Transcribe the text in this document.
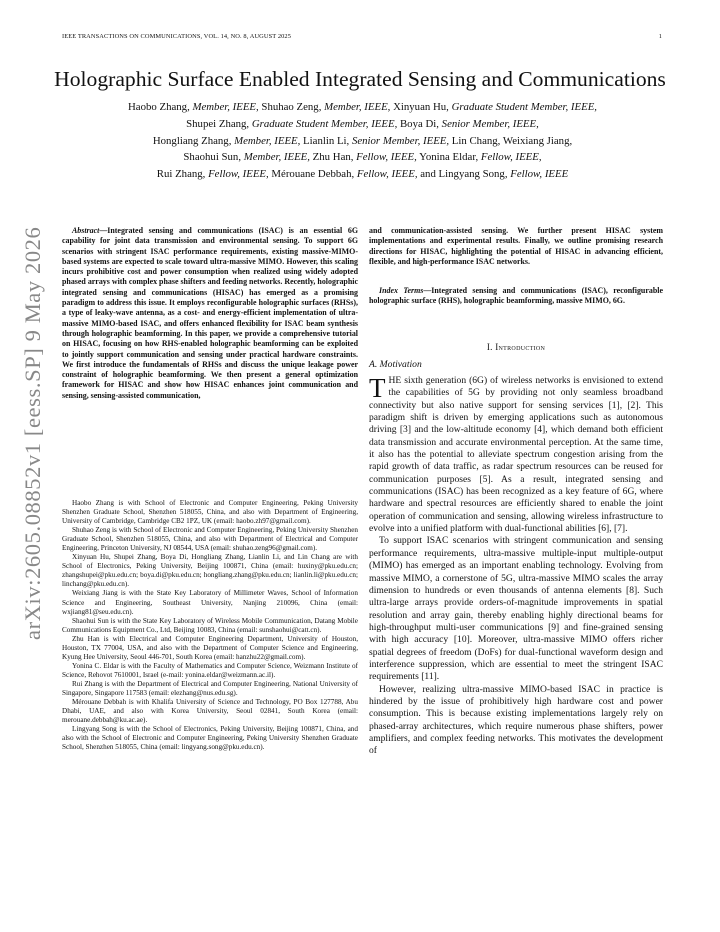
IEEE TRANSACTIONS ON COMMUNICATIONS, VOL. 14, NO. 8, AUGUST 2025	1
arXiv:2605.08852v1 [eess.SP] 9 May 2026
Holographic Surface Enabled Integrated Sensing and Communications
Haobo Zhang, Member, IEEE, Shuhao Zeng, Member, IEEE, Xinyuan Hu, Graduate Student Member, IEEE,
Shupei Zhang, Graduate Student Member, IEEE, Boya Di, Senior Member, IEEE,
Hongliang Zhang, Member, IEEE, Lianlin Li, Senior Member, IEEE, Lin Chang, Weixiang Jiang,
Shaohui Sun, Member, IEEE, Zhu Han, Fellow, IEEE, Yonina Eldar, Fellow, IEEE,
Rui Zhang, Fellow, IEEE, Mérouane Debbah, Fellow, IEEE, and Lingyang Song, Fellow, IEEE
Abstract—Integrated sensing and communications (ISAC) is an essential 6G capability for joint data transmission and environmental sensing. To support 6G scenarios with stringent ISAC performance requirements, existing massive-MIMO-based systems are expected to scale toward ultra-massive MIMO. However, this scaling incurs prohibitive cost and power consumption when realized using widely adopted phased arrays with complex phase shifters and feeding networks. Recently, holographic integrated sensing and communications (HISAC) has emerged as a promising paradigm to address this issue. It employs reconfigurable holographic surfaces (RHSs), a type of leaky-wave antenna, as a cost- and energy-efficient implementation of ultra-massive MIMO-based ISAC, and offers enhanced flexibility for ISAC beam synthesis through holographic beamforming. In this paper, we provide a comprehensive tutorial on HISAC, focusing on how RHS-enabled holographic beamforming can be exploited to jointly support communication and sensing under practical hardware constraints. We first introduce the fundamentals of RHSs and discuss the unique leakage power constraint of holographic beamforming. We then present a general optimization framework for HISAC and show how HISAC enhances joint communication and sensing, sensing-assisted communication,

Haobo Zhang is with School of Electronic and Computer Engineering, Peking University Shenzhen Graduate School, Shenzhen 518055, China, and also with Department of Engineering, University of Cambridge, Cambridge CB2 1PZ, UK (email: haobo.zh97@gmail.com).

Shuhao Zeng is with School of Electronic and Computer Engineering, Peking University Shenzhen Graduate School, Shenzhen 518055, China, and also with Department of Electrical and Computer Engineering, Princeton University, NJ 08544, USA (email: shuhao.zeng96@gmail.com).

Xinyuan Hu, Shupei Zhang, Boya Di, Hongliang Zhang, Lianlin Li, and Lin Chang are with School of Electronics, Peking University, Beijing 100871, China (email: huxiny@pku.edu.cn; zhangshupei@pku.edu.cn; boya.di@pku.edu.cn; hongliang.zhang@pku.edu.cn; lianlin.li@pku.edu.cn; linchang@pku.edu.cn).

Weixiang Jiang is with the State Key Laboratory of Millimeter Waves, School of Information Science and Engineering, Southeast University, Nanjing 210096, China (email: wxjiang81@seu.edu.cn).

Shaohui Sun is with the State Key Laboratory of Wireless Mobile Communication, Datang Mobile Communications Equipment Co., Ltd, Beijing 10083, China (email: sunshaohui@catt.cn).

Zhu Han is with Electrical and Computer Engineering Department, University of Houston, Houston, TX 77004, USA, and also with the Department of Computer Science and Engineering, Kyung Hee University, Seoul 446-701, South Korea (email: hanzhu22@gmail.com).

Yonina C. Eldar is with the Faculty of Mathematics and Computer Science, Weizmann Institute of Science, Rehovot 7610001, Israel (e-mail: yonina.eldar@weizmann.ac.il).

Rui Zhang is with the Department of Electrical and Computer Engineering, National University of Singapore, Singapore 117583 (email: elezhang@nus.edu.sg).

Mérouane Debbah is with Khalifa University of Science and Technology, PO Box 127788, Abu Dhabi, UAE, and also with Korea University, Seoul 02841, South Korea (email: merouane.debbah@ku.ac.ae).

Lingyang Song is with the School of Electronics, Peking University, Beijing 100871, China, and also with the School of Electronic and Computer Engineering, Peking University Shenzhen Graduate School, Shenzhen 518055, China (email: lingyang.song@pku.edu.cn).

and communication-assisted sensing. We further present HISAC system implementations and experimental results. Finally, we outline promising research directions for HISAC, highlighting the potential of HISAC in advancing efficient, flexible, and high-performance ISAC networks.
Index Terms—Integrated sensing and communications (ISAC), reconfigurable holographic surface (RHS), holographic beamforming, massive MIMO, 6G.
I. Introduction
A. Motivation

THE sixth generation (6G) of wireless networks is envisioned to extend the capabilities of 5G by providing not only seamless broadband connectivity but also native support for sensing services [1], [2]. This paradigm shift is driven by emerging applications such as autonomous driving [3] and the low-altitude economy [4], which demand both efficient data transmission and accurate environmental perception. At the same time, it also has the potential to alleviate spectrum congestion arising from the rapid growth of data traffic, as radar spectrum resources can be reused for communication purposes [5]. As a result, integrated sensing and communications (ISAC) has been recognized as a key feature of 6G, where hardware and spectral resources are efficiently shared to enable the joint operation of communication and sensing, allowing wireless infrastructure to evolve into a unified platform with dual-functional abilities [6], [7].

To support ISAC scenarios with stringent communication and sensing performance requirements, ultra-massive multiple-input multiple-output (MIMO) has emerged as an important enabling technology. Evolving from massive MIMO, a cornerstone of 5G, ultra-massive MIMO scales the array dimension to hundreds or even thousands of antenna elements [8]. Such ultra-large arrays provide orders-of-magnitude improvements in spatial resolution and array gain, thereby enabling highly directional beams for high-throughput multi-user communications [9] and fine-grained sensing with high accuracy [10]. Moreover, ultra-massive MIMO offers richer spatial degrees of freedom (DoFs) for dual-functional waveform design and interference suppression, which are essential to meet the stringent ISAC requirements [11].

However, realizing ultra-massive MIMO-based ISAC in practice is hindered by the issue of prohibitively high hardware cost and power consumption. This is because existing implementations largely rely on phased-array architectures, which require numerous phase shifters, power amplifiers, and complex feeding networks. This motivates the development of
